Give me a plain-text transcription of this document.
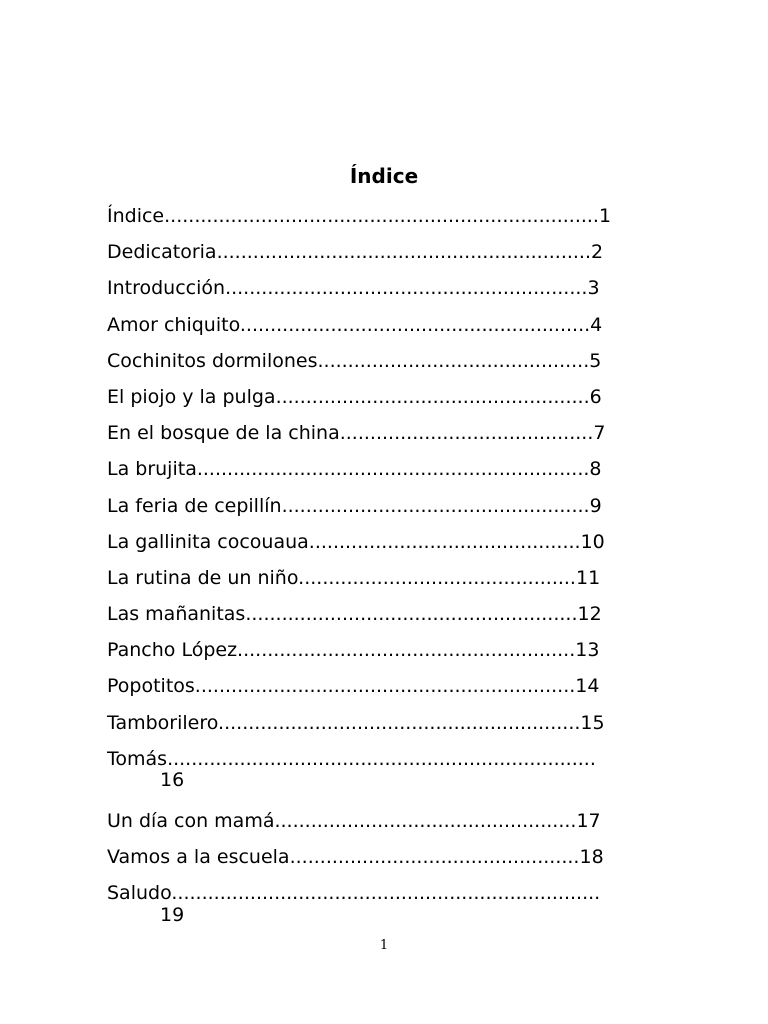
Índice
Índice........................................................................1
Dedicatoria..............................................................2
Introducción............................................................3
Amor chiquito..........................................................4
Cochinitos dormilones.............................................5
El piojo y la pulga....................................................6
En el bosque de la china..........................................7
La brujita.................................................................8
La feria de cepillín...................................................9
La gallinita cocouaua.............................................10
La rutina de un niño..............................................11
Las mañanitas.......................................................12
Pancho López........................................................13
Popotitos...............................................................14
Tamborilero............................................................15
Tomás.......................................................................
16
Un día con mamá..................................................17
Vamos a la escuela................................................18
Saludo.......................................................................
19
1
